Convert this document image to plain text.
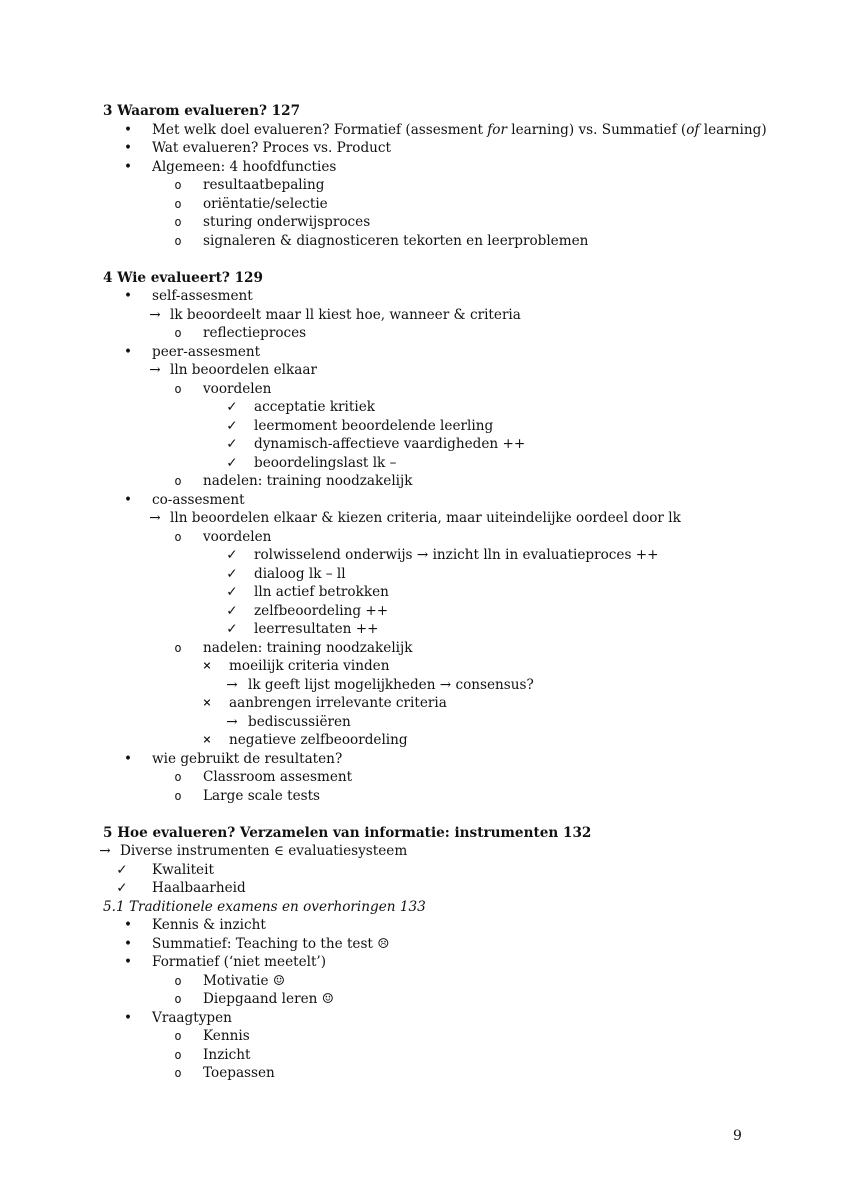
3 Waarom evalueren? 127
• Met welk doel evalueren? Formatief (assesment for learning) vs. Summatief (of learning)
• Wat evalueren? Proces vs. Product
• Algemeen: 4 hoofdfuncties
o	resultaatbepaling
o	oriëntatie/selectie
o	sturing onderwijsproces
o	signaleren & diagnosticeren tekorten en leerproblemen
4 Wie evalueert? 129
• self-assesment
→ lk beoordeelt maar ll kiest hoe, wanneer & criteria
o	reflectieproces
• peer-assesment
→ lln beoordelen elkaar
o	voordelen
✓ acceptatie kritiek
✓ leermoment beoordelende leerling
✓ dynamisch-affectieve vaardigheden ++
✓ beoordelingslast lk –
o	nadelen: training noodzakelijk
• co-assesment
→ lln beoordelen elkaar & kiezen criteria, maar uiteindelijke oordeel door lk
o	voordelen
✓ rolwisselend onderwijs → inzicht lln in evaluatieproces ++
✓ dialoog lk – ll
✓ lln actief betrokken
✓ zelfbeoordeling ++
✓ leerresultaten ++
o	nadelen: training noodzakelijk
× moeilijk criteria vinden
→ lk geeft lijst mogelijkheden → consensus?
× aanbrengen irrelevante criteria
→ bediscussiëren
× negatieve zelfbeoordeling
• wie gebruikt de resultaten?
o	Classroom assesment
o	Large scale tests
5 Hoe evalueren? Verzamelen van informatie: instrumenten 132
→ Diverse instrumenten ∈ evaluatiesysteem
✓ Kwaliteit
✓ Haalbaarheid
5.1 Traditionele examens en overhoringen 133
• Kennis & inzicht
• Summatief: Teaching to the test ☹
• Formatief (‘niet meetelt’)
o	Motivatie ☺
o	Diepgaand leren ☺
• Vraagtypen
o	Kennis
o	Inzicht
o	Toepassen
9
